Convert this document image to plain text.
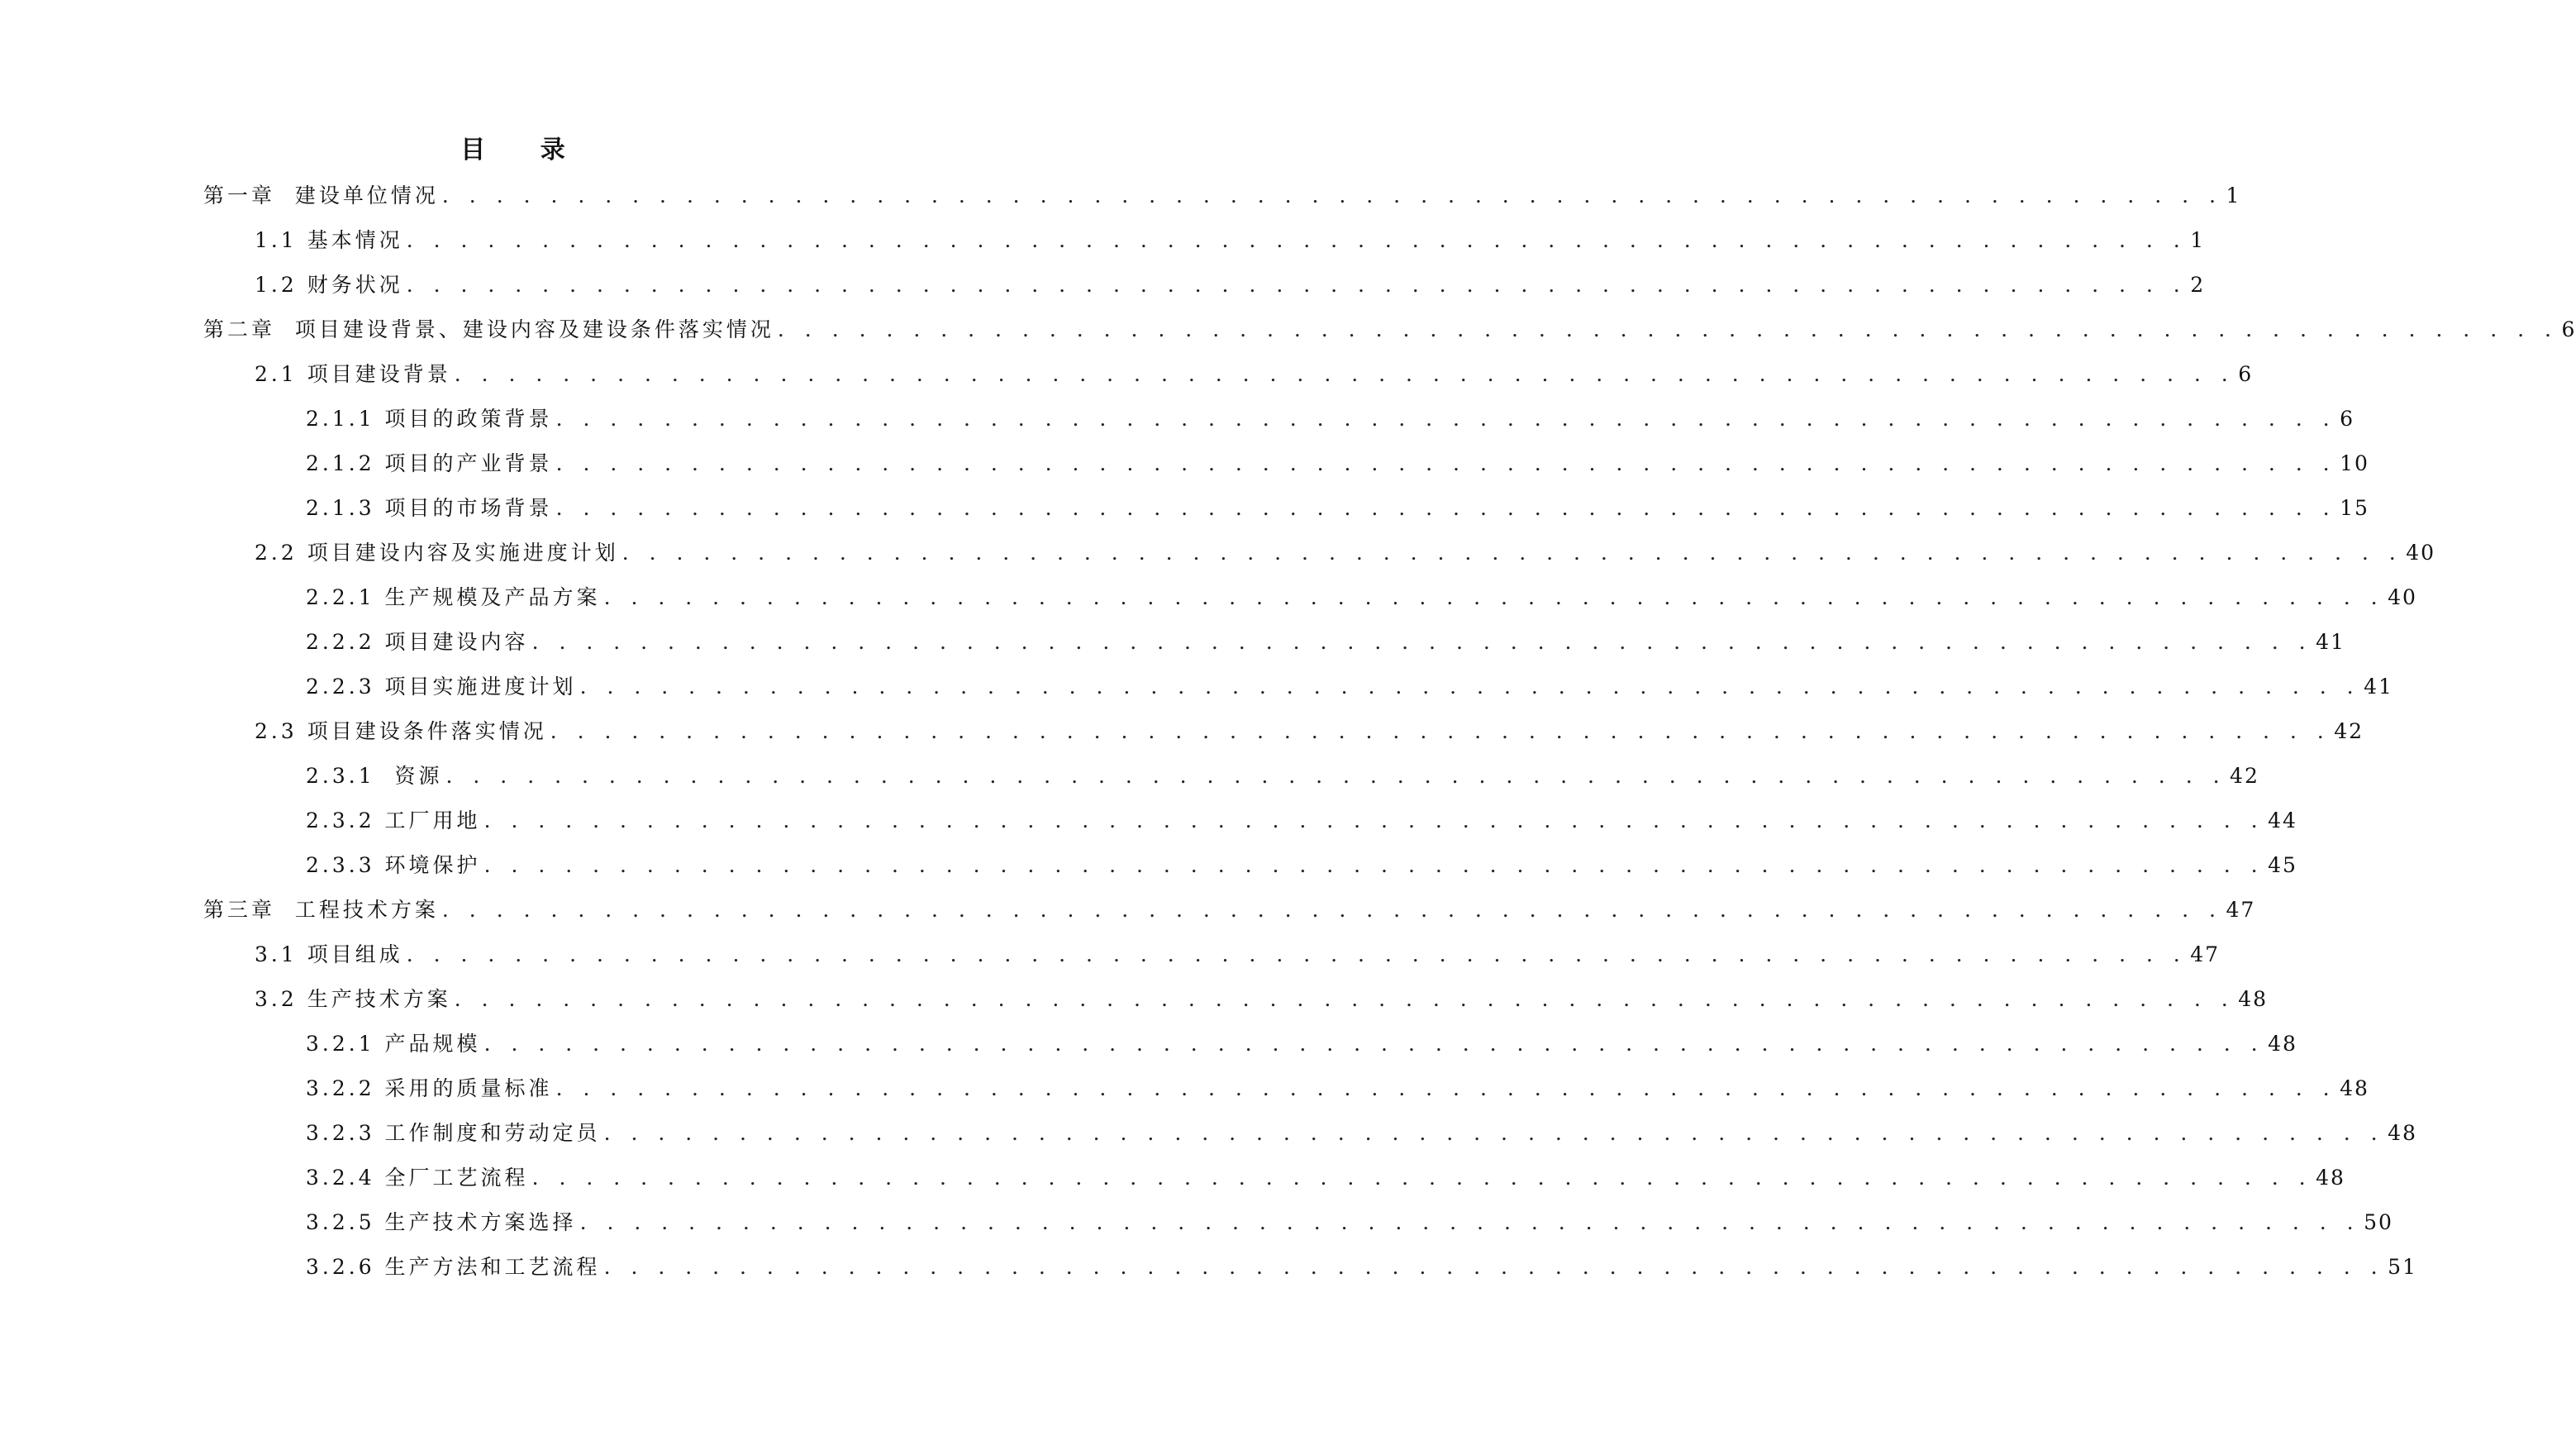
目 录
第一章  建设单位情况 . . . . . . . . . . . . . . . . . . . . . . . . . . . . . . . . . . . . . . . . . . . . . . . . . . . . . . . . . . . . . . . . . . 1
1.1 基本情况 . . . . . . . . . . . . . . . . . . . . . . . . . . . . . . . . . . . . . . . . . . . . . . . . . . . . . . . . . . . . . . . . . . 1
1.2 财务状况 . . . . . . . . . . . . . . . . . . . . . . . . . . . . . . . . . . . . . . . . . . . . . . . . . . . . . . . . . . . . . . . . . . 2
第二章  项目建设背景、建设内容及建设条件落实情况 . . . . . . . . . . . . . . . . . . . . . . . . . . . . . . . . . . . . . . . . . . . . . . . . . . . . . . . . . . . . . . . . . . 6
2.1 项目建设背景 . . . . . . . . . . . . . . . . . . . . . . . . . . . . . . . . . . . . . . . . . . . . . . . . . . . . . . . . . . . . . . . . . . 6
2.1.1 项目的政策背景 . . . . . . . . . . . . . . . . . . . . . . . . . . . . . . . . . . . . . . . . . . . . . . . . . . . . . . . . . . . . . . . . . . 6
2.1.2 项目的产业背景 . . . . . . . . . . . . . . . . . . . . . . . . . . . . . . . . . . . . . . . . . . . . . . . . . . . . . . . . . . . . . . . . . . 10
2.1.3 项目的市场背景 . . . . . . . . . . . . . . . . . . . . . . . . . . . . . . . . . . . . . . . . . . . . . . . . . . . . . . . . . . . . . . . . . . 15
2.2 项目建设内容及实施进度计划 . . . . . . . . . . . . . . . . . . . . . . . . . . . . . . . . . . . . . . . . . . . . . . . . . . . . . . . . . . . . . . . . . . 40
2.2.1 生产规模及产品方案 . . . . . . . . . . . . . . . . . . . . . . . . . . . . . . . . . . . . . . . . . . . . . . . . . . . . . . . . . . . . . . . . . . 40
2.2.2 项目建设内容 . . . . . . . . . . . . . . . . . . . . . . . . . . . . . . . . . . . . . . . . . . . . . . . . . . . . . . . . . . . . . . . . . . 41
2.2.3 项目实施进度计划 . . . . . . . . . . . . . . . . . . . . . . . . . . . . . . . . . . . . . . . . . . . . . . . . . . . . . . . . . . . . . . . . . . 41
2.3 项目建设条件落实情况 . . . . . . . . . . . . . . . . . . . . . . . . . . . . . . . . . . . . . . . . . . . . . . . . . . . . . . . . . . . . . . . . . . 42
2.3.1  资源 . . . . . . . . . . . . . . . . . . . . . . . . . . . . . . . . . . . . . . . . . . . . . . . . . . . . . . . . . . . . . . . . . . 42
2.3.2 工厂用地 . . . . . . . . . . . . . . . . . . . . . . . . . . . . . . . . . . . . . . . . . . . . . . . . . . . . . . . . . . . . . . . . . . 44
2.3.3 环境保护 . . . . . . . . . . . . . . . . . . . . . . . . . . . . . . . . . . . . . . . . . . . . . . . . . . . . . . . . . . . . . . . . . . 45
第三章  工程技术方案 . . . . . . . . . . . . . . . . . . . . . . . . . . . . . . . . . . . . . . . . . . . . . . . . . . . . . . . . . . . . . . . . . . 47
3.1 项目组成 . . . . . . . . . . . . . . . . . . . . . . . . . . . . . . . . . . . . . . . . . . . . . . . . . . . . . . . . . . . . . . . . . . 47
3.2 生产技术方案 . . . . . . . . . . . . . . . . . . . . . . . . . . . . . . . . . . . . . . . . . . . . . . . . . . . . . . . . . . . . . . . . . . 48
3.2.1 产品规模 . . . . . . . . . . . . . . . . . . . . . . . . . . . . . . . . . . . . . . . . . . . . . . . . . . . . . . . . . . . . . . . . . . 48
3.2.2 采用的质量标准 . . . . . . . . . . . . . . . . . . . . . . . . . . . . . . . . . . . . . . . . . . . . . . . . . . . . . . . . . . . . . . . . . . 48
3.2.3 工作制度和劳动定员 . . . . . . . . . . . . . . . . . . . . . . . . . . . . . . . . . . . . . . . . . . . . . . . . . . . . . . . . . . . . . . . . . . 48
3.2.4 全厂工艺流程 . . . . . . . . . . . . . . . . . . . . . . . . . . . . . . . . . . . . . . . . . . . . . . . . . . . . . . . . . . . . . . . . . . 48
3.2.5 生产技术方案选择 . . . . . . . . . . . . . . . . . . . . . . . . . . . . . . . . . . . . . . . . . . . . . . . . . . . . . . . . . . . . . . . . . . 50
3.2.6 生产方法和工艺流程 . . . . . . . . . . . . . . . . . . . . . . . . . . . . . . . . . . . . . . . . . . . . . . . . . . . . . . . . . . . . . . . . . . 51
